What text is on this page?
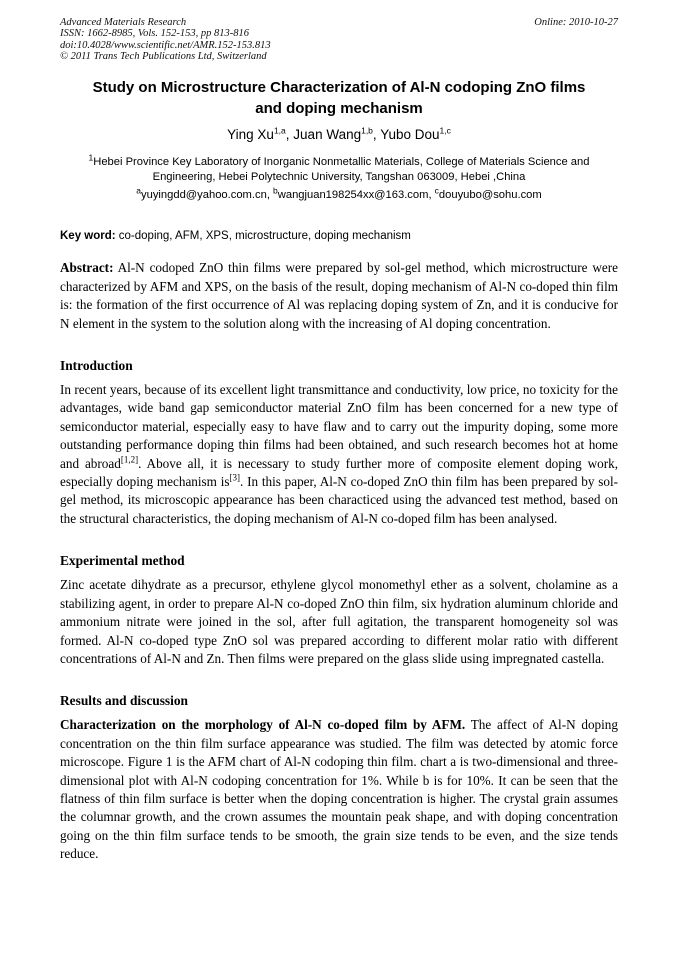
Advanced Materials Research
ISSN: 1662-8985, Vols. 152-153, pp 813-816
doi:10.4028/www.scientific.net/AMR.152-153.813
© 2011 Trans Tech Publications Ltd, Switzerland
Online: 2010-10-27
Study on Microstructure Characterization of Al-N codoping ZnO films and doping mechanism
Ying Xu$^{1,a}$, Juan Wang$^{1,b}$, Yubo Dou$^{1,c}$
$^1$Hebei Province Key Laboratory of Inorganic Nonmetallic Materials, College of Materials Science and Engineering, Hebei Polytechnic University, Tangshan 063009, Hebei ,China
$^a$yuyingdd@yahoo.com.cn, $^b$wangjuan198254xx@163.com, $^c$douyubo@sohu.com
Key word: co-doping, AFM, XPS, microstructure, doping mechanism

Abstract: Al-N codoped ZnO thin films were prepared by sol-gel method, which microstructure were characterized by AFM and XPS, on the basis of the result, doping mechanism of Al-N co-doped thin film is: the formation of the first occurrence of Al was replacing doping system of Zn, and it is conducive for N element in the system to the solution along with the increasing of Al doping concentration.

Introduction

In recent years, because of its excellent light transmittance and conductivity, low price, no toxicity for the advantages, wide band gap semiconductor material ZnO film has been concerned for a new type of semiconductor material, especially easy to have flaw and to carry out the impurity doping, some more outstanding performance doping thin films had been obtained, and such research becomes hot at home and abroad[1,2]. Above all, it is necessary to study further more of composite element doping work, especially doping mechanism is[3]. In this paper, Al-N co-doped ZnO thin film has been prepared by sol-gel method, its microscopic appearance has been characticed using the advanced test method, based on the structural characteristics, the doping mechanism of Al-N co-doped film has been analysed.

Experimental method

Zinc acetate dihydrate as a precursor, ethylene glycol monomethyl ether as a solvent, cholamine as a stabilizing agent, in order to prepare Al-N co-doped ZnO thin film, six hydration aluminum chloride and ammonium nitrate were joined in the sol, after full agitation, the transparent homogeneity sol was formed. Al-N co-doped type ZnO sol was prepared according to different molar ratio with different concentrations of Al-N and Zn. Then films were prepared on the glass slide using impregnated castella.

Results and discussion

Characterization on the morphology of Al-N co-doped film by AFM. The affect of Al-N doping concentration on the thin film surface appearance was studied. The film was detected by atomic force microscope. Figure 1 is the AFM chart of Al-N codoping thin film. chart a is two-dimensional and three-dimensional plot with Al-N codoping concentration for 1%. While b is for 10%. It can be seen that the flatness of thin film surface is better when the doping concentration is higher. The crystal grain assumes the columnar growth, and the crown assumes the mountain peak shape, and with doping concentration going on the thin film surface tends to be smooth, the grain size tends to be even, and the size tends reduce.
